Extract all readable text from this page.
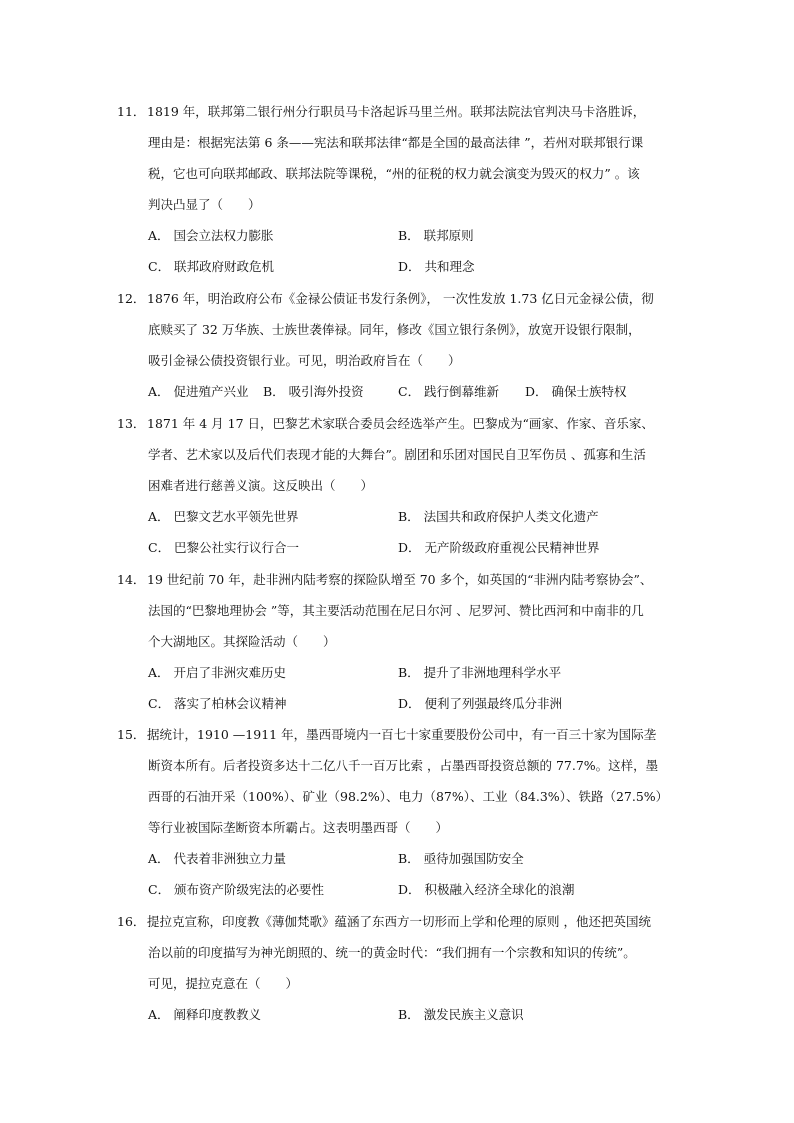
11． 1819 年，联邦第二银行州分行职员马卡洛起诉马里兰州。联邦法院法官判决马卡洛胜诉，
理由是：根据宪法第 6 条——宪法和联邦法律“都是全国的最高法律 ”，若州对联邦银行课
税，它也可向联邦邮政、联邦法院等课税，“州的征税的权力就会演变为毁灭的权力” 。该
判决凸显了（　　）
A． 国会立法权力膨胀	B． 联邦原则
C． 联邦政府财政危机	D． 共和理念
12． 1876 年，明治政府公布《金禄公债证书发行条例》， 一次性发放 1.73 亿日元金禄公债，彻
底赎买了 32 万华族、士族世袭俸禄。同年，修改《国立银行条例》，放宽开设银行限制，
吸引金禄公债投资银行业。可见，明治政府旨在（　　）
A． 促进殖产兴业 B． 吸引海外投资	C． 践行倒幕维新 D． 确保士族特权
13． 1871 年 4 月 17 日，巴黎艺术家联合委员会经选举产生。巴黎成为“画家、作家、音乐家、
学者、艺术家以及后代们表现才能的大舞台”。剧团和乐团对国民自卫军伤员 、孤寡和生活
困难者进行慈善义演。这反映出（　　）
A． 巴黎文艺水平领先世界	B． 法国共和政府保护人类文化遗产
C． 巴黎公社实行议行合一	D． 无产阶级政府重视公民精神世界
14． 19 世纪前 70 年，赴非洲内陆考察的探险队增至 70 多个，如英国的“非洲内陆考察协会”、
法国的“巴黎地理协会 ”等，其主要活动范围在尼日尔河 、尼罗河、赞比西河和中南非的几
个大湖地区。其探险活动（　　）
A． 开启了非洲灾难历史	B． 提升了非洲地理科学水平
C． 落实了柏林会议精神	D． 便利了列强最终瓜分非洲
15． 据统计，1910 —1911 年，墨西哥境内一百七十家重要股份公司中，有一百三十家为国际垄
断资本所有。后者投资多达十二亿八千一百万比索 ，占墨西哥投资总额的 77.7%。这样，墨
西哥的石油开采（100%）、矿业（98.2%）、电力（87%）、工业（84.3%）、铁路（27.5%）
等行业被国际垄断资本所霸占。这表明墨西哥（　　）
A． 代表着非洲独立力量	B． 亟待加强国防安全
C． 颁布资产阶级宪法的必要性	D． 积极融入经济全球化的浪潮
16． 提拉克宣称，印度教《薄伽梵歌》蕴涵了东西方一切形而上学和伦理的原则 ，他还把英国统
治以前的印度描写为神光朗照的、统一的黄金时代：“我们拥有一个宗教和知识的传统”。
可见，提拉克意在（　　）
A． 阐释印度教教义	B． 激发民族主义意识
